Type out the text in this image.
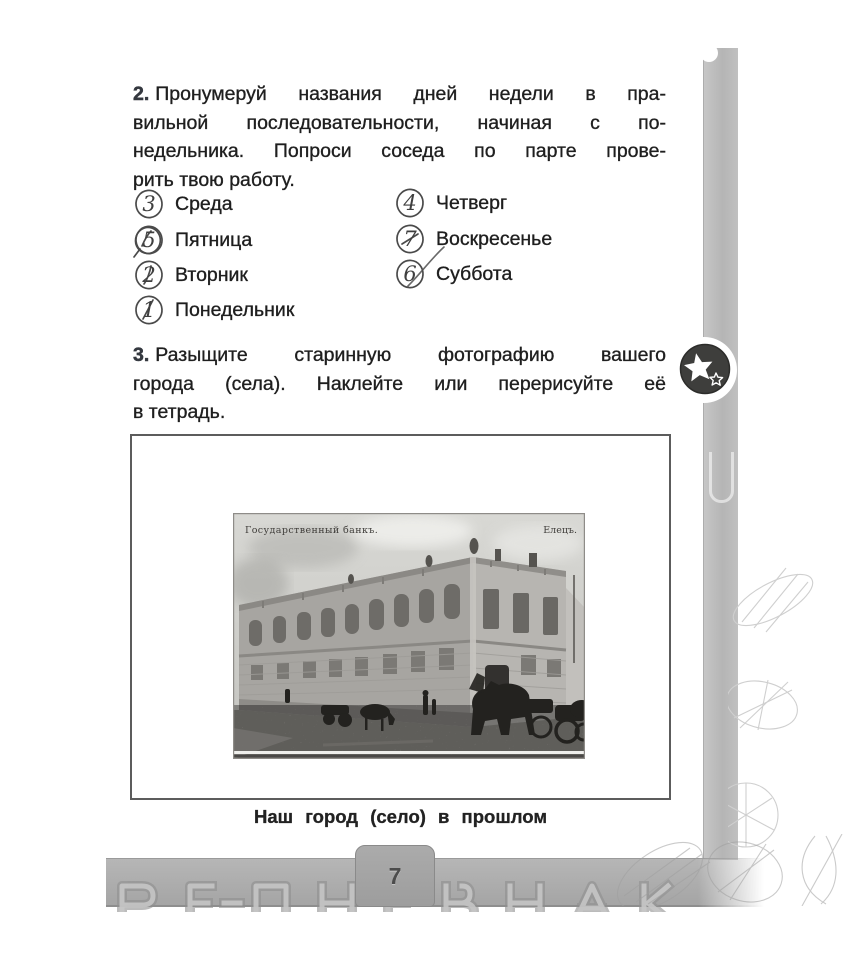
2. Пронумеруй названия дней недели в пра-
вильной последовательности, начиная с по-
недельника. Попроси соседа по парте прове-
рить твою работу.
3 Среда
5 Пятница
2 Вторник
1 Понедельник
4 Четверг
7 Воскресенье
6 Суббота
3. Разыщите старинную фотографию вашего
города (села). Наклейте или перерисуйте её
в тетрадь.
Государственный банкъ.	Елецъ.
Наш город (село) в прошлом
7
